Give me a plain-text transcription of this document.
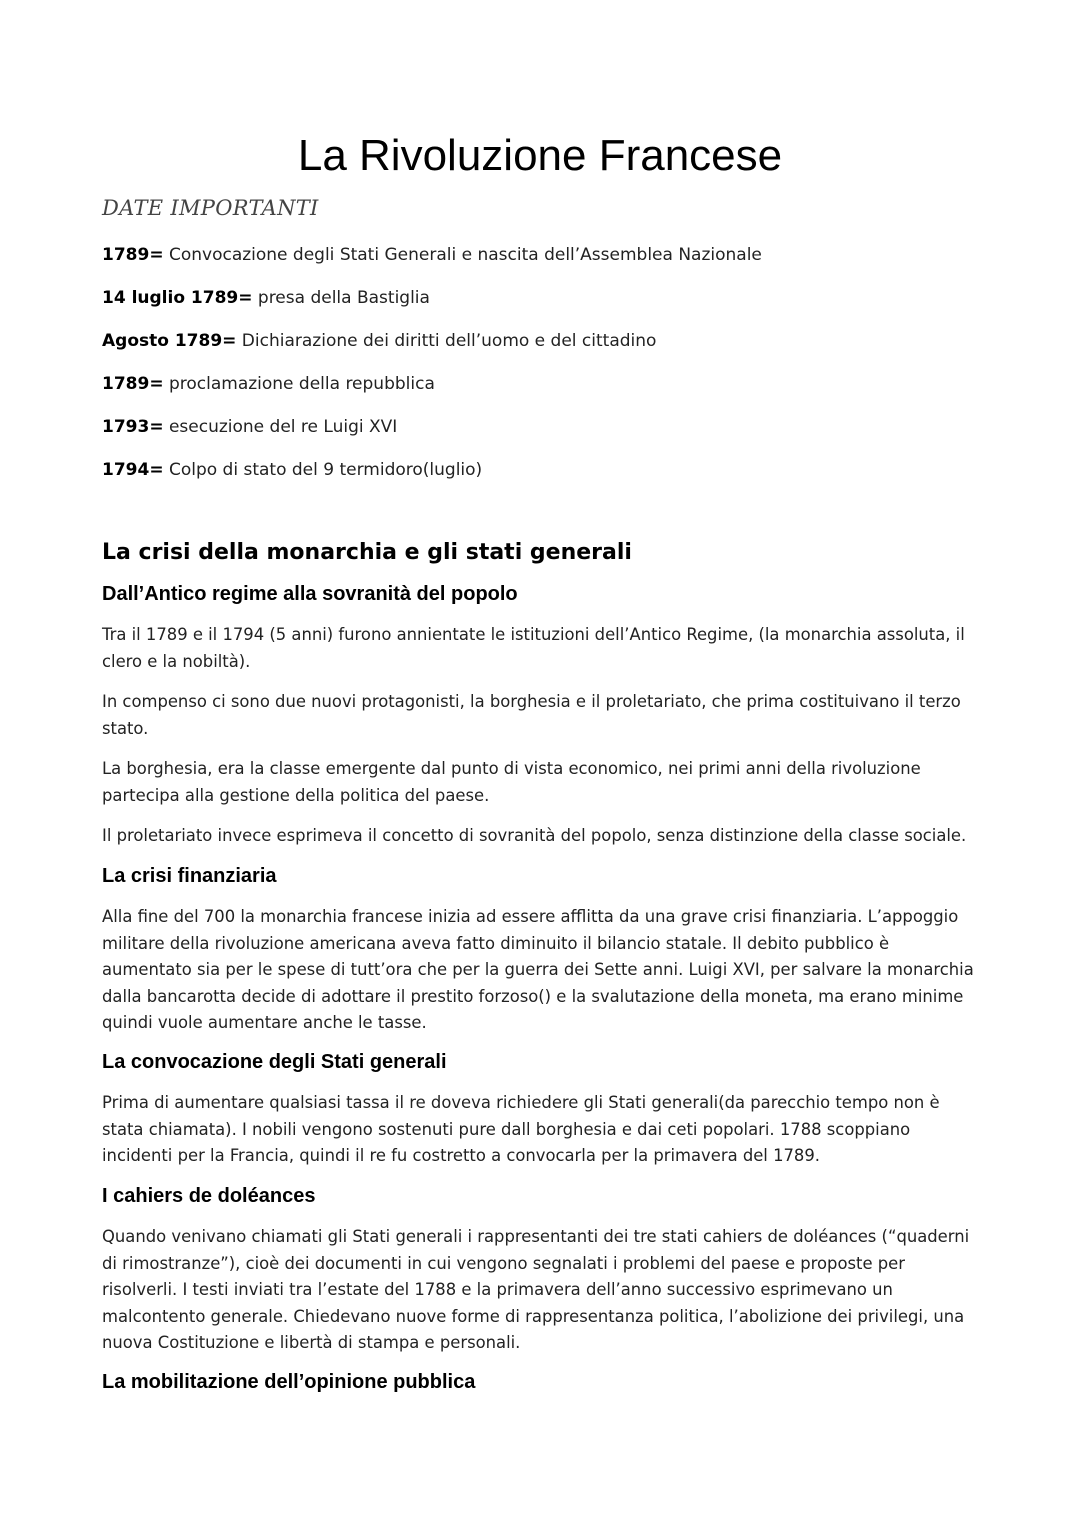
La Rivoluzione Francese
DATE IMPORTANTI
1789= Convocazione degli Stati Generali e nascita dell’Assemblea Nazionale
14 luglio 1789= presa della Bastiglia
Agosto 1789= Dichiarazione dei diritti dell’uomo e del cittadino
1789= proclamazione della repubblica
1793= esecuzione del re Luigi XVI
1794= Colpo di stato del 9 termidoro(luglio)
La crisi della monarchia e gli stati generali
Dall’Antico regime alla sovranità del popolo
Tra il 1789 e il 1794 (5 anni) furono annientate le istituzioni dell’Antico Regime, (la monarchia assoluta, il clero e la nobiltà).
In compenso ci sono due nuovi protagonisti, la borghesia e il proletariato, che prima costituivano il terzo stato.
La borghesia, era la classe emergente dal punto di vista economico, nei primi anni della rivoluzione partecipa alla gestione della politica del paese.
Il proletariato invece esprimeva il concetto di sovranità del popolo, senza distinzione della classe sociale.
La crisi finanziaria
Alla fine del 700 la monarchia francese inizia ad essere afflitta da una grave crisi finanziaria. L’appoggio militare della rivoluzione americana aveva fatto diminuito il bilancio statale. Il debito pubblico è aumentato sia per le spese di tutt’ora che per la guerra dei Sette anni. Luigi XVI, per salvare la monarchia dalla bancarotta decide di adottare il prestito forzoso() e la svalutazione della moneta, ma erano minime quindi vuole aumentare anche le tasse.
La convocazione degli Stati generali
Prima di aumentare qualsiasi tassa il re doveva richiedere gli Stati generali(da parecchio tempo non è stata chiamata). I nobili vengono sostenuti pure dall borghesia e dai ceti popolari. 1788 scoppiano incidenti per la Francia, quindi il re fu costretto a convocarla per la primavera del 1789.
I cahiers de doléances
Quando venivano chiamati gli Stati generali i rappresentanti dei tre stati cahiers de doléances (“quaderni di rimostranze”), cioè dei documenti in cui vengono segnalati i problemi del paese e proposte per risolverli. I testi inviati tra l’estate del 1788 e la primavera dell’anno successivo esprimevano un malcontento generale. Chiedevano nuove forme di rappresentanza politica, l’abolizione dei privilegi, una nuova Costituzione e libertà di stampa e personali.
La mobilitazione dell’opinione pubblica
